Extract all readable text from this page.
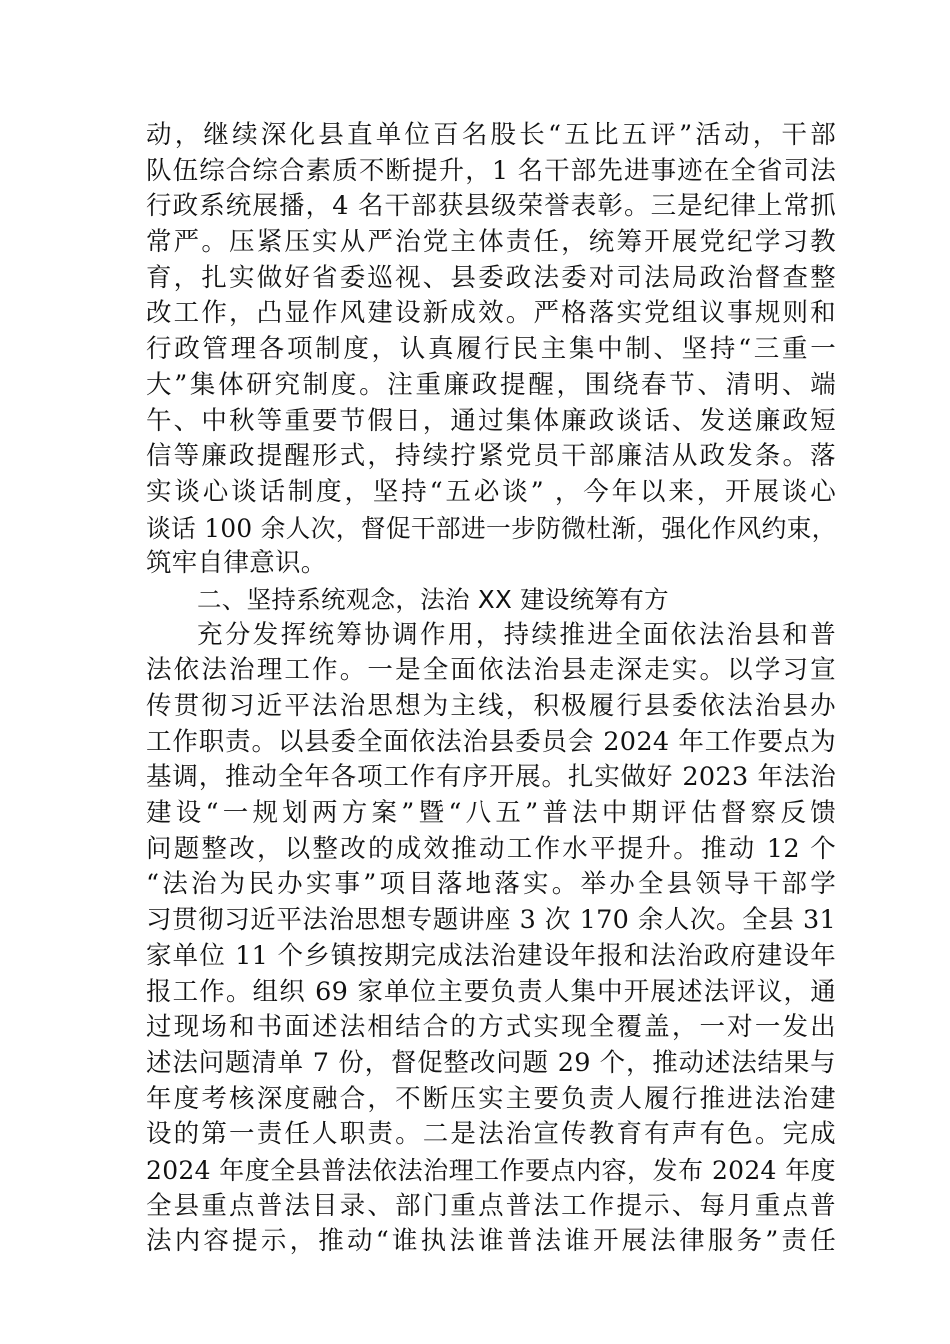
动，继续深化县直单位百名股长“五比五评”活动，干部
队伍综合综合素质不断提升，1 名干部先进事迹在全省司法
行政系统展播，4 名干部获县级荣誉表彰。三是纪律上常抓
常严。压紧压实从严治党主体责任，统筹开展党纪学习教
育，扎实做好省委巡视、县委政法委对司法局政治督查整
改工作，凸显作风建设新成效。严格落实党组议事规则和
行政管理各项制度，认真履行民主集中制、坚持“三重一
大”集体研究制度。注重廉政提醒，围绕春节、清明、端
午、中秋等重要节假日，通过集体廉政谈话、发送廉政短
信等廉政提醒形式，持续拧紧党员干部廉洁从政发条。落
实谈心谈话制度，坚持“五必谈” ，今年以来，开展谈心
谈话 100 余人次，督促干部进一步防微杜渐，强化作风约束，
筑牢自律意识。
二、坚持系统观念，法治 XX 建设统筹有方
充分发挥统筹协调作用，持续推进全面依法治县和普
法依法治理工作。一是全面依法治县走深走实。以学习宣
传贯彻习近平法治思想为主线，积极履行县委依法治县办
工作职责。以县委全面依法治县委员会 2024 年工作要点为
基调，推动全年各项工作有序开展。扎实做好 2023 年法治
建设“一规划两方案”暨“八五”普法中期评估督察反馈
问题整改，以整改的成效推动工作水平提升。推动 12 个
“法治为民办实事”项目落地落实。举办全县领导干部学
习贯彻习近平法治思想专题讲座 3 次 170 余人次。全县 31
家单位 11 个乡镇按期完成法治建设年报和法治政府建设年
报工作。组织 69 家单位主要负责人集中开展述法评议，通
过现场和书面述法相结合的方式实现全覆盖，一对一发出
述法问题清单 7 份，督促整改问题 29 个，推动述法结果与
年度考核深度融合，不断压实主要负责人履行推进法治建
设的第一责任人职责。二是法治宣传教育有声有色。完成
2024 年度全县普法依法治理工作要点内容，发布 2024 年度
全县重点普法目录、部门重点普法工作提示、每月重点普
法内容提示，推动“谁执法谁普法谁开展法律服务”责任
